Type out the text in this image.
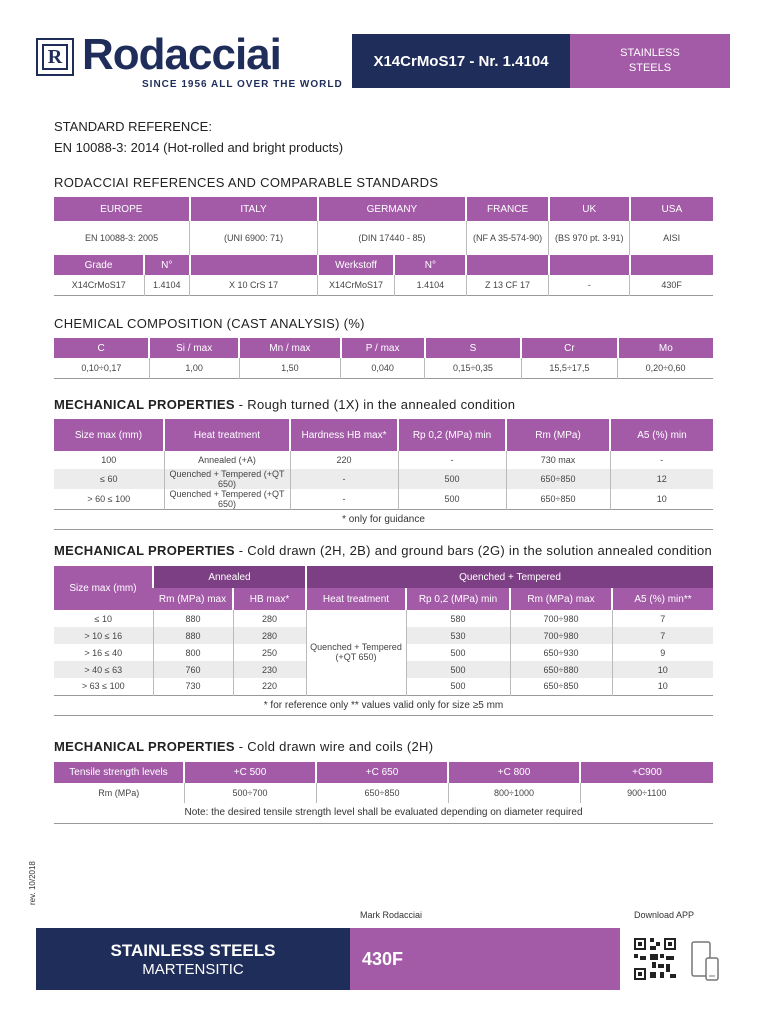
R Rodacciai
SINCE 1956 ALL OVER THE WORLD
X14CrMoS17 - Nr. 1.4104	STAINLESS
STEELS
STANDARD REFERENCE:
EN 10088-3: 2014 (Hot-rolled and bright products)
RODACCIAI REFERENCES AND COMPARABLE STANDARDS
EUROPE		ITALY	GERMANY		FRANCE	UK	USA
EN 10088-3: 2005		(UNI 6900: 71)	(DIN 17440 - 85)		(NF A 35-574-90)	(BS 970 pt. 3-91)	AISI
Grade	N°		Werkstoff	N°			
X14CrMoS17	1.4104	X 10 CrS 17	X14CrMoS17	1.4104	Z 13 CF 17	-	430F
CHEMICAL COMPOSITION (CAST ANALYSIS) (%)
C	Si / max	Mn / max	P / max	S	Cr	Mo
0,10÷0,17	1,00	1,50	0,040	0,15÷0,35	15,5÷17,5	0,20÷0,60
MECHANICAL PROPERTIES - Rough turned (1X) in the annealed condition
Size max (mm)	Heat treatment	Hardness HB max*	Rp 0,2 (MPa) min	Rm (MPa)	A5 (%) min
100	Annealed (+A)	220	-	730 max	-
≤ 60	Quenched + Tempered (+QT 650)	-	500	650÷850	12
> 60 ≤ 100	Quenched + Tempered (+QT 650)	-	500	650÷850	10
* only for guidance					
MECHANICAL PROPERTIES - Cold drawn (2H, 2B) and ground bars (2G) in the solution annealed condition
Size max (mm)	Annealed		Quenched + Tempered			
	Rm (MPa) max	HB max*	Heat treatment	Rp 0,2 (MPa) min	Rm (MPa) max	A5 (%) min**
≤ 10	880	280	Quenched + Tempered (+QT 650)	580	700÷980	7
> 10 ≤ 16	880	280		530	700÷980	7
> 16 ≤ 40	800	250		500	650÷930	9
> 40 ≤ 63	760	230		500	650÷880	10
> 63 ≤ 100	730	220		500	650÷850	10
* for reference only ** values valid only for size ≥5 mm						
MECHANICAL PROPERTIES - Cold drawn wire and coils (2H)
Tensile strength levels	+C 500	+C 650	+C 800	+C900
Rm (MPa)	500÷700	650÷850	800÷1000	900÷1100
Note: the desired tensile strength level shall be evaluated depending on diameter required				
rev. 10/2018
Mark Rodacciai	Download APP
STAINLESS STEELS
MARTENSITIC
430F
